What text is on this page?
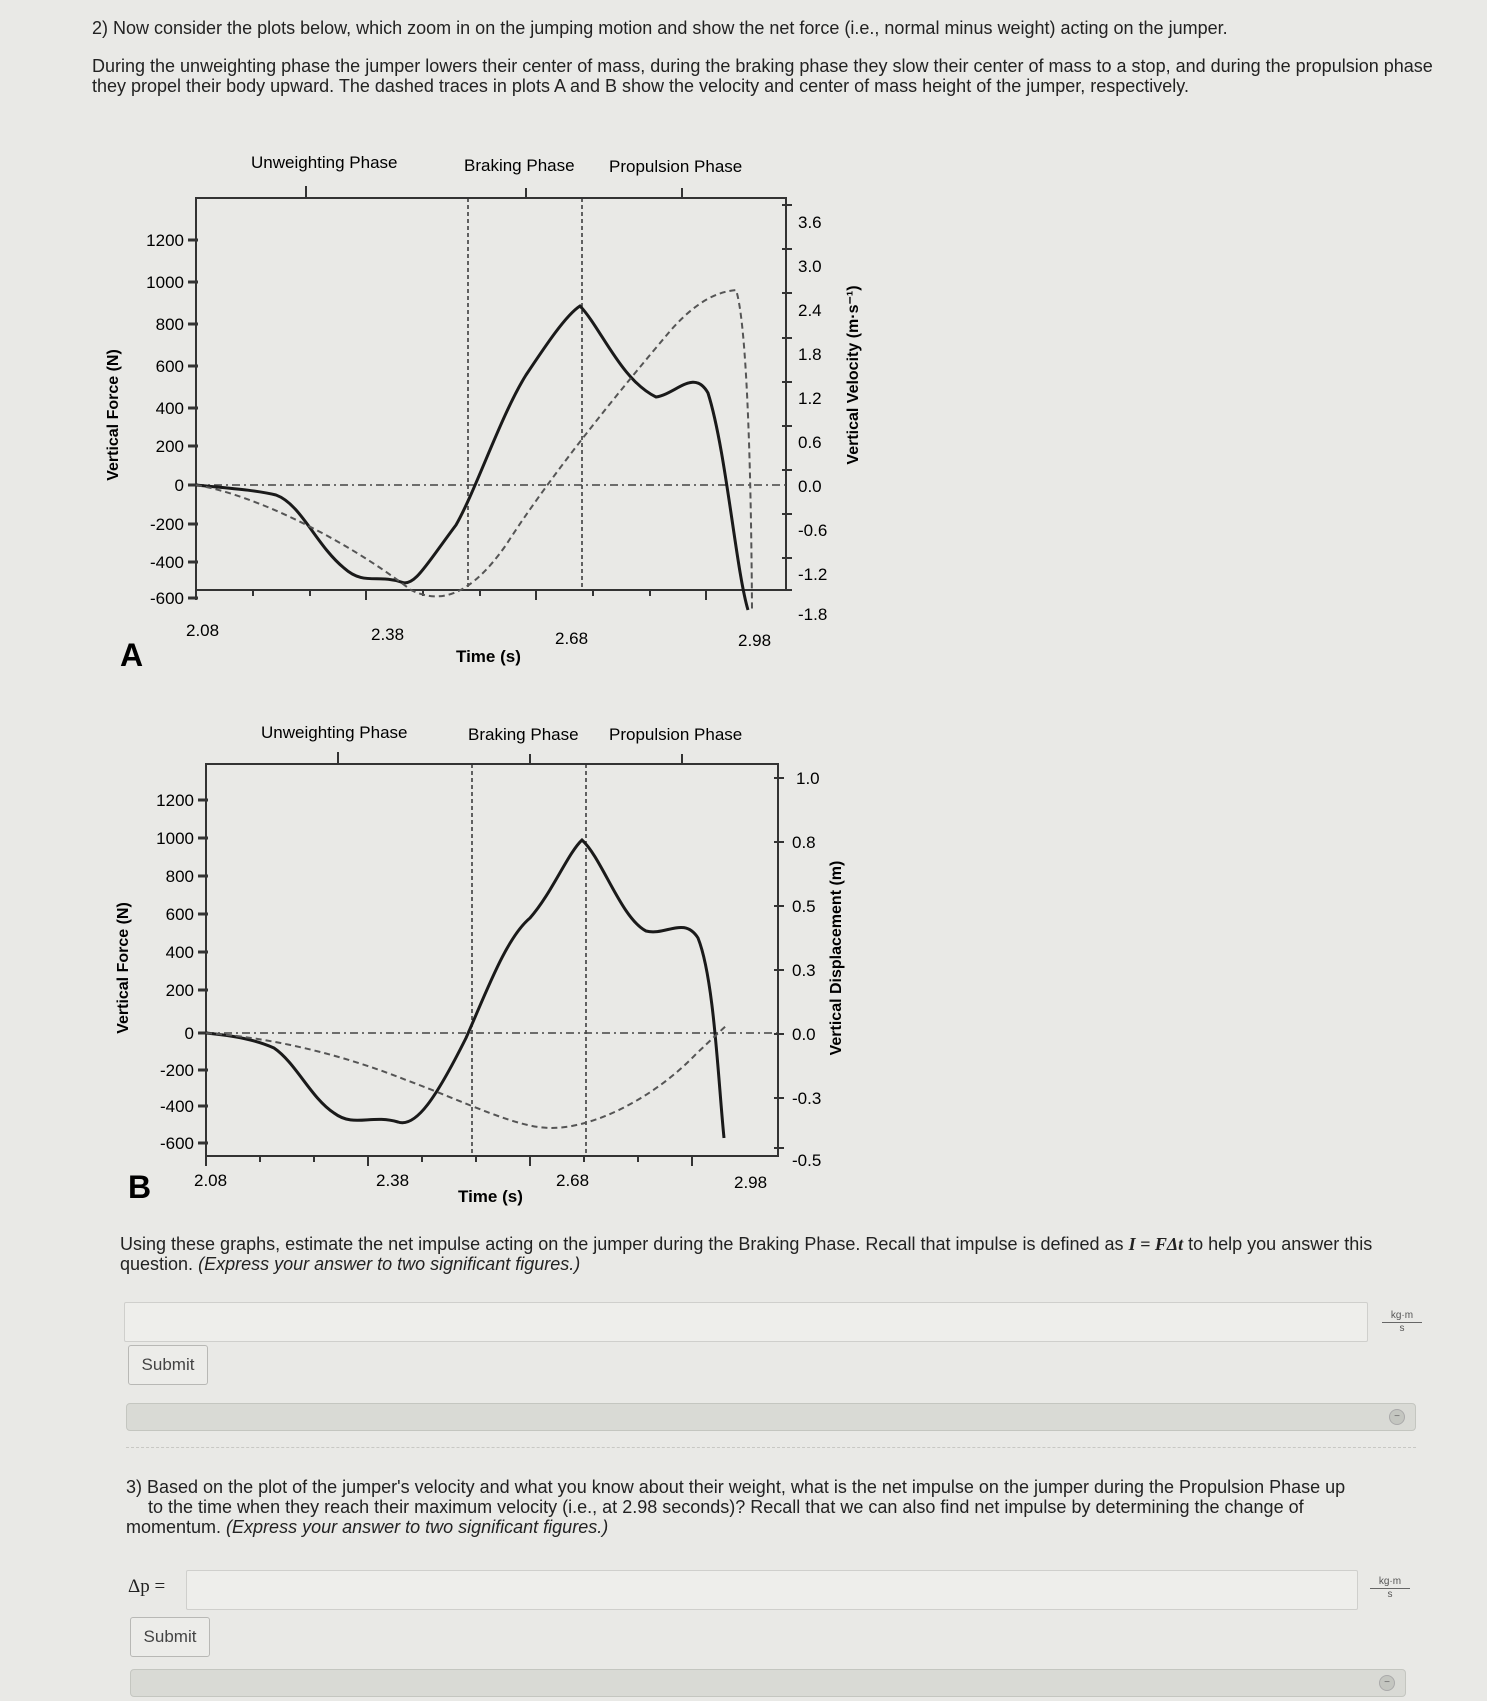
2) Now consider the plots below, which zoom in on the jumping motion and show the net force (i.e., normal minus weight) acting on the jumper.
During the unweighting phase the jumper lowers their center of mass, during the braking phase they slow their center of mass to a stop, and during the propulsion phase they propel their body upward. The dashed traces in plots A and B show the velocity and center of mass height of the jumper, respectively.
Unweighting Phase	Braking Phase Propulsion Phase
1200
1000
800
600
400
200
0
-200
-400
-600
3.6
3.0
2.4
1.8
1.2
0.6
0.0
-0.6
-1.2
-1.8
2.08	2.38	2.68	2.98
Time (s)
A
Vertical Force (N)	Vertical Velocity (m·s⁻¹)
Unweighting Phase	Braking Phase Propulsion Phase
1200
1000
800
600
400
200
0
-200
-400
-600
1.0
0.8
0.5
0.3
0.0
-0.3
-0.5
2.08	2.38	2.68	2.98
Time (s)
B
Vertical Force (N)	Vertical Displacement (m)
Using these graphs, estimate the net impulse acting on the jumper during the Braking Phase. Recall that impulse is defined as I = FΔt to help you answer this question. (Express your answer to two significant figures.)
$\frac{kg\cdot m}{s}$
Submit
−
3) Based on the plot of the jumper's velocity and what you know about their weight, what is the net impulse on the jumper during the Propulsion Phase up
to the time when they reach their maximum velocity (i.e., at 2.98 seconds)? Recall that we can also find net impulse by determining the change of
momentum. (Express your answer to two significant figures.)
Δp =	$\frac{kg\cdot m}{s}$
Submit
−
